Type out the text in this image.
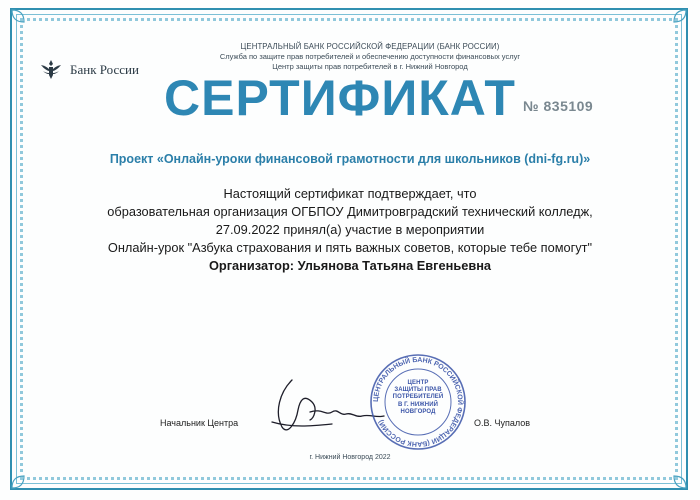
Банк России
ЦЕНТРАЛЬНЫЙ БАНК РОССИЙСКОЙ ФЕДЕРАЦИИ (БАНК РОССИИ)
Служба по защите прав потребителей и обеспечению доступности финансовых услуг
Центр защиты прав потребителей в г. Нижний Новгород
СЕРТИФИКАТ № 835109
Проект «Онлайн-уроки финансовой грамотности для школьников (dni-fg.ru)»
Настоящий сертификат подтверждает, что
образовательная организация ОГБПОУ Димитровградский технический колледж,
27.09.2022 принял(а) участие в мероприятии
Онлайн-урок "Азбука страхования и пять важных советов, которые тебе помогут"
Организатор: Ульянова Татьяна Евгеньевна
Начальник Центра
ЦЕНТРАЛЬНЫЙ БАНК РОССИЙСКОЙ ФЕДЕРАЦИИ (БАНК РОССИИ)
ЦЕНТР
ЗАЩИТЫ ПРАВ
ПОТРЕБИТЕЛЕЙ
В Г. НИЖНИЙ
НОВГОРОД
О.В. Чупалов
г. Нижний Новгород 2022
